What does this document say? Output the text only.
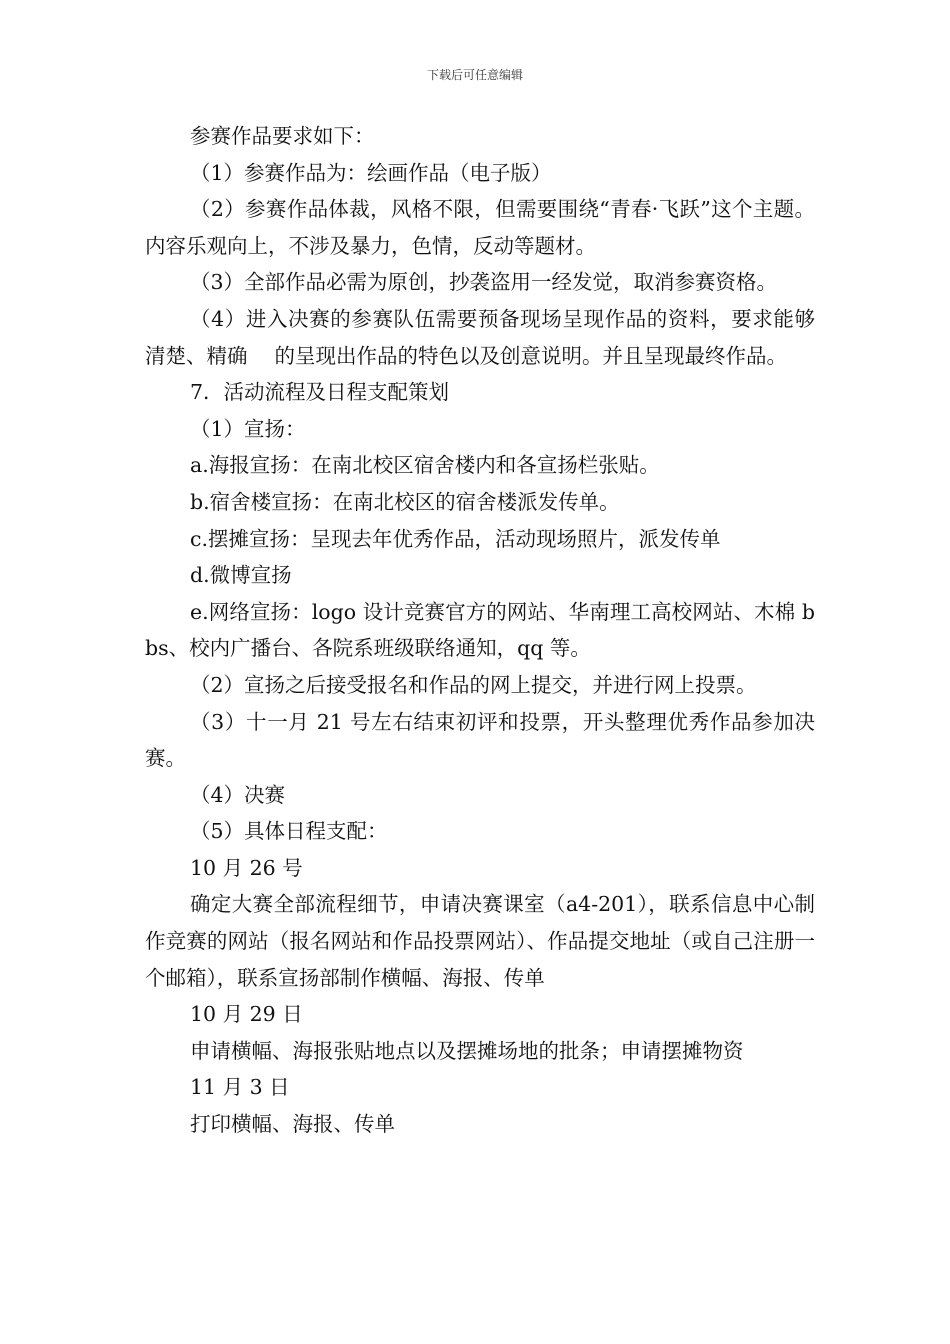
下载后可任意编辑

参赛作品要求如下：

（1）参赛作品为：绘画作品（电子版）

（2）参赛作品体裁，风格不限，但需要围绕“青春·飞跃”这个主题。内容乐观向上，不涉及暴力，色情，反动等题材。

（3）全部作品必需为原创，抄袭盗用一经发觉，取消参赛资格。

（4）进入决赛的参赛队伍需要预备现场呈现作品的资料，要求能够清楚、精确　 的呈现出作品的特色以及创意说明。并且呈现最终作品。

7．活动流程及日程支配策划

（1）宣扬：

a.海报宣扬：在南北校区宿舍楼内和各宣扬栏张贴。

b.宿舍楼宣扬：在南北校区的宿舍楼派发传单。

c.摆摊宣扬：呈现去年优秀作品，活动现场照片，派发传单

d.微博宣扬

e.网络宣扬：logo 设计竞赛官方的网站、华南理工高校网站、木棉 bbs、校内广播台、各院系班级联络通知，qq 等。

（2）宣扬之后接受报名和作品的网上提交，并进行网上投票。

（3）十一月 21 号左右结束初评和投票，开头整理优秀作品参加决赛。

（4）决赛

（5）具体日程支配：

10 月 26 号

确定大赛全部流程细节，申请决赛课室（a4-201），联系信息中心制作竞赛的网站（报名网站和作品投票网站）、作品提交地址（或自己注册一个邮箱），联系宣扬部制作横幅、海报、传单

10 月 29 日

申请横幅、海报张贴地点以及摆摊场地的批条；申请摆摊物资

11 月 3 日

打印横幅、海报、传单
